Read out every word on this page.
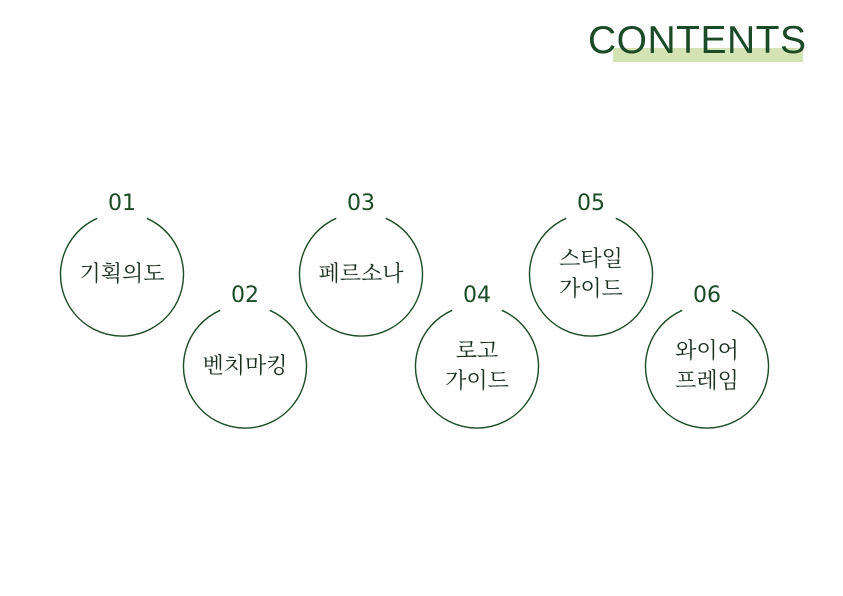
CONTENTS
01
기획의도
02
벤치마킹
03
페르소나
04
로고
가이드
05
스타일
가이드	06
와이어
프레임
